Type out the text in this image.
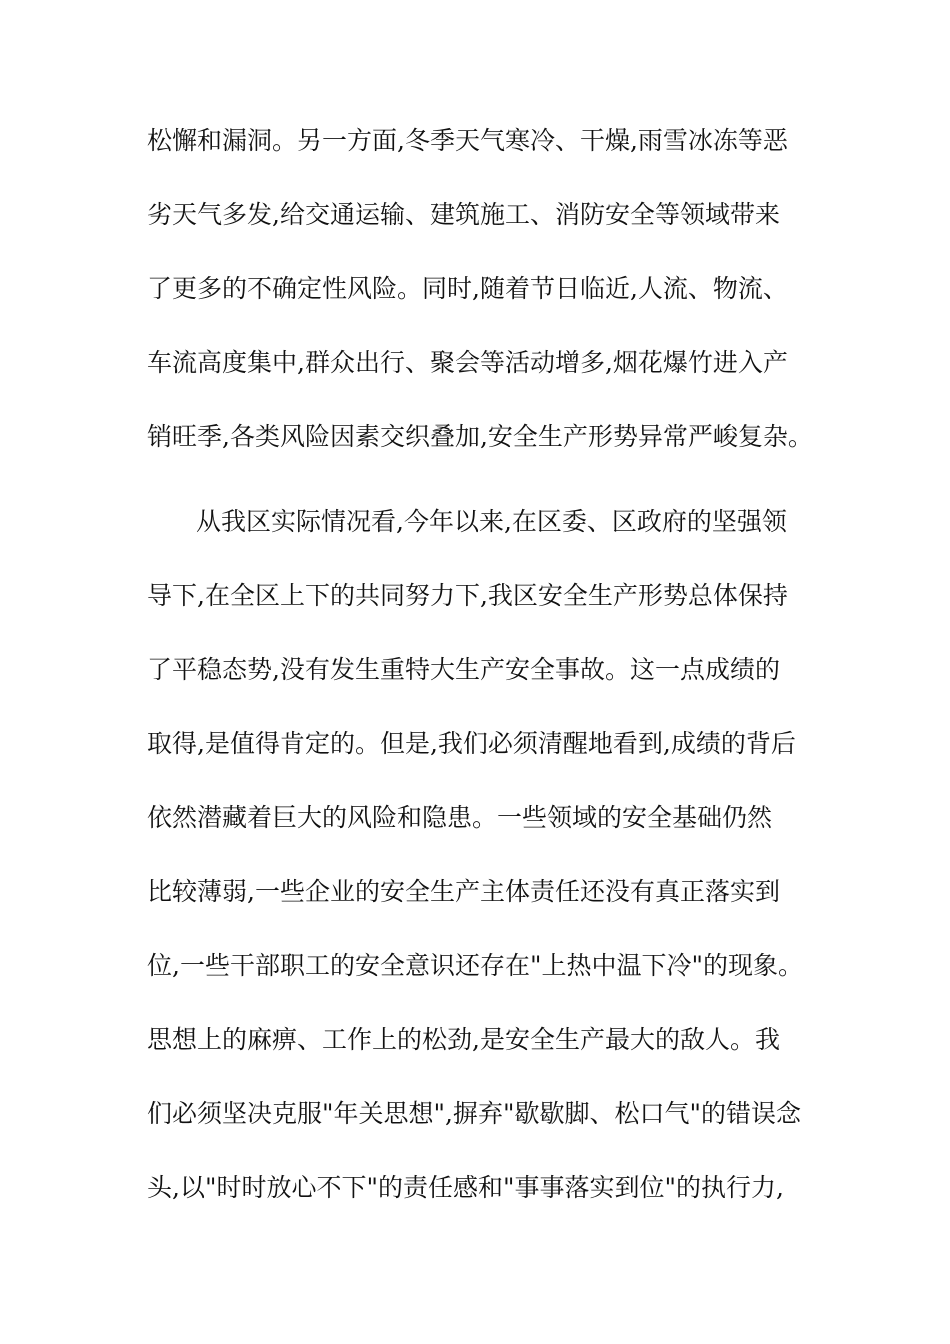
松懈和漏洞。另一方面,冬季天气寒冷、干燥,雨雪冰冻等恶
劣天气多发,给交通运输、建筑施工、消防安全等领域带来
了更多的不确定性风险。同时,随着节日临近,人流、物流、
车流高度集中,群众出行、聚会等活动增多,烟花爆竹进入产
销旺季,各类风险因素交织叠加,安全生产形势异常严峻复杂。
从我区实际情况看,今年以来,在区委、区政府的坚强领
导下,在全区上下的共同努力下,我区安全生产形势总体保持
了平稳态势,没有发生重特大生产安全事故。这一点成绩的
取得,是值得肯定的。但是,我们必须清醒地看到,成绩的背后
依然潜藏着巨大的风险和隐患。一些领域的安全基础仍然
比较薄弱,一些企业的安全生产主体责任还没有真正落实到
位,一些干部职工的安全意识还存在"上热中温下冷"的现象。
思想上的麻痹、工作上的松劲,是安全生产最大的敌人。我
们必须坚决克服"年关思想",摒弃"歇歇脚、松口气"的错误念
头,以"时时放心不下"的责任感和"事事落实到位"的执行力,
